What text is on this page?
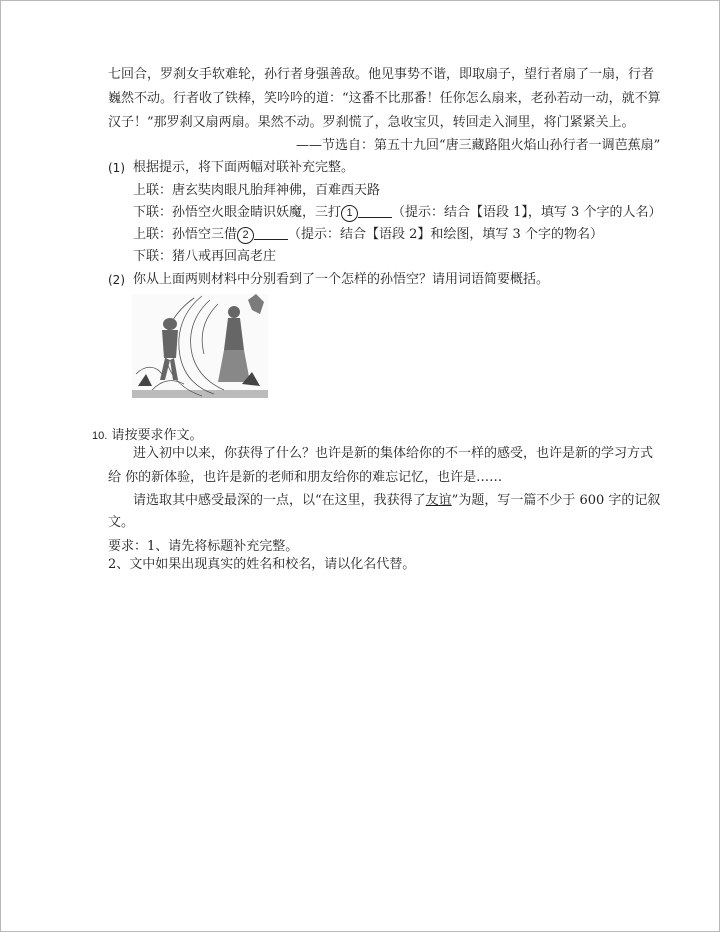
七回合，罗刹女手软难轮，孙行者身强善敌。他见事势不谐，即取扇子，望行者扇了一扇，行者
巍然不动。行者收了铁棒，笑吟吟的道：“这番不比那番！任你怎么扇来，老孙若动一动，就不算
汉子！”那罗刹又扇两扇。果然不动。罗刹慌了，急收宝贝，转回走入洞里，将门紧紧关上。
——节选自：第五十九回“唐三藏路阻火焰山孙行者一调芭蕉扇”
(1) 根据提示，将下面两幅对联补充完整。
上联：唐玄奘肉眼凡胎拜神佛，百难西天路
下联：孙悟空火眼金睛识妖魔，三打 1	（提示：结合【语段 1】，填写 3 个字的人名）
上联：孙悟空三借 2	（提示：结合【语段 2】和绘图，填写 3 个字的物名）
下联：猪八戒再回高老庄
(2) 你从上面两则材料中分别看到了一个怎样的孙悟空？请用词语简要概括。
10. 请按要求作文。
进入初中以来，你获得了什么？也许是新的集体给你的不一样的感受，也许是新的学习方式
给 你的新体验，也许是新的老师和朋友给你的难忘记忆，也许是……
请选取其中感受最深的一点，以“在这里，我获得了友谊”为题，写一篇不少于 600 字的记叙
文。
要求：1、请先将标题补充完整。
2、文中如果出现真实的姓名和校名，请以化名代替。
